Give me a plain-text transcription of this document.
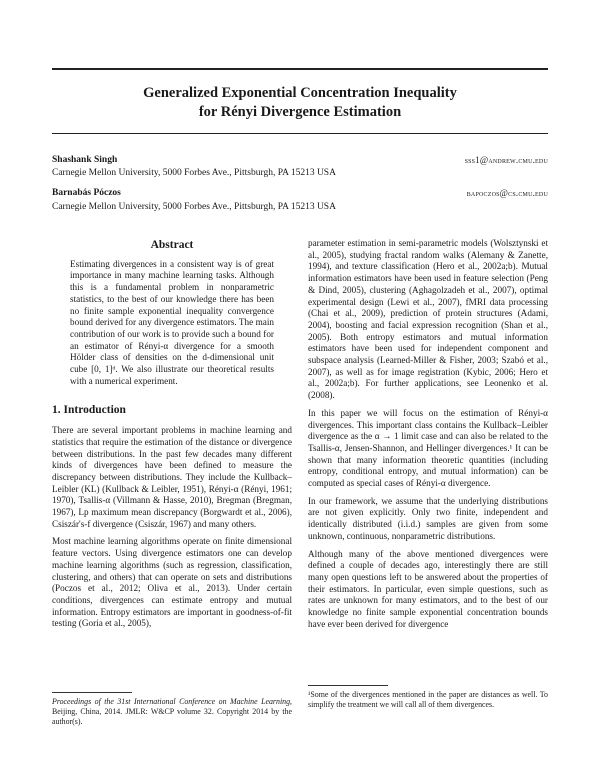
Generalized Exponential Concentration Inequality
for Rényi Divergence Estimation
Shashank Singh	sss1@andrew.cmu.edu
Carnegie Mellon University, 5000 Forbes Ave., Pittsburgh, PA 15213 USA
Barnabás Póczos	bapoczos@cs.cmu.edu
Carnegie Mellon University, 5000 Forbes Ave., Pittsburgh, PA 15213 USA
Abstract

Estimating divergences in a consistent way is of great importance in many machine learning tasks. Although this is a fundamental problem in nonparametric statistics, to the best of our knowledge there has been no finite sample exponential inequality convergence bound derived for any divergence estimators. The main contribution of our work is to provide such a bound for an estimator of Rényi-α divergence for a smooth Hölder class of densities on the d-dimensional unit cube [0, 1]ᵈ. We also illustrate our theoretical results with a numerical experiment.

1. Introduction

There are several important problems in machine learning and statistics that require the estimation of the distance or divergence between distributions. In the past few decades many different kinds of divergences have been defined to measure the discrepancy between distributions. They include the Kullback–Leibler (KL) (Kullback & Leibler, 1951), Rényi-α (Rényi, 1961; 1970), Tsallis-α (Villmann & Hasse, 2010), Bregman (Bregman, 1967), Lp maximum mean discrepancy (Borgwardt et al., 2006), Csiszár's-f divergence (Csiszár, 1967) and many others.

Most machine learning algorithms operate on finite dimensional feature vectors. Using divergence estimators one can develop machine learning algorithms (such as regression, classification, clustering, and others) that can operate on sets and distributions (Poczos et al., 2012; Oliva et al., 2013). Under certain conditions, divergences can estimate entropy and mutual information. Entropy estimators are important in goodness-of-fit testing (Goria et al., 2005),

parameter estimation in semi-parametric models (Wolsztynski et al., 2005), studying fractal random walks (Alemany & Zanette, 1994), and texture classification (Hero et al., 2002a;b). Mutual information estimators have been used in feature selection (Peng & Dind, 2005), clustering (Aghagolzadeh et al., 2007), optimal experimental design (Lewi et al., 2007), fMRI data processing (Chai et al., 2009), prediction of protein structures (Adami, 2004), boosting and facial expression recognition (Shan et al., 2005). Both entropy estimators and mutual information estimators have been used for independent component and subspace analysis (Learned-Miller & Fisher, 2003; Szabó et al., 2007), as well as for image registration (Kybic, 2006; Hero et al., 2002a;b). For further applications, see Leonenko et al. (2008).

In this paper we will focus on the estimation of Rényi-α divergences. This important class contains the Kullback–Leibler divergence as the α → 1 limit case and can also be related to the Tsallis-α, Jensen-Shannon, and Hellinger divergences.¹ It can be shown that many information theoretic quantities (including entropy, conditional entropy, and mutual information) can be computed as special cases of Rényi-α divergence.

In our framework, we assume that the underlying distributions are not given explicitly. Only two finite, independent and identically distributed (i.i.d.) samples are given from some unknown, continuous, nonparametric distributions.

Although many of the above mentioned divergences were defined a couple of decades ago, interestingly there are still many open questions left to be answered about the properties of their estimators. In particular, even simple questions, such as rates are unknown for many estimators, and to the best of our knowledge no finite sample exponential concentration bounds have ever been derived for divergence

Proceedings of the 31st International Conference on Machine Learning, Beijing, China, 2014. JMLR: W&CP volume 32. Copyright 2014 by the author(s).
¹Some of the divergences mentioned in the paper are distances as well. To simplify the treatment we will call all of them divergences.
